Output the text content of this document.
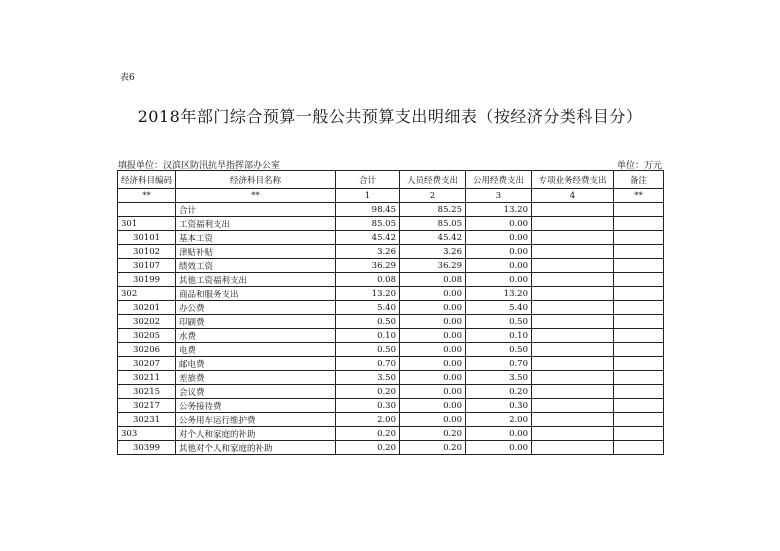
表6
2018年部门综合预算一般公共预算支出明细表（按经济分类科目分）
填报单位：汉滨区防汛抗旱指挥部办公室	单位：万元
经济科目编码	经济科目名称	合计	人员经费支出	公用经费支出	专项业务经费支出	备注
**	**	1	2	3	4	**
	合计	98.45	85.25	13.20		
301	工资福利支出	85.05	85.05	0.00		
30101	基本工资	45.42	45.42	0.00		
30102	津贴补贴	3.26	3.26	0.00		
30107	绩效工资	36.29	36.29	0.00		
30199	其他工资福利支出	0.08	0.08	0.00		
302	商品和服务支出	13.20	0.00	13.20		
30201	办公费	5.40	0.00	5.40		
30202	印刷费	0.50	0.00	0.50		
30205	水费	0.10	0.00	0.10		
30206	电费	0.50	0.00	0.50		
30207	邮电费	0.70	0.00	0.70		
30211	差旅费	3.50	0.00	3.50		
30215	会议费	0.20	0.00	0.20		
30217	公务接待费	0.30	0.00	0.30		
30231	公务用车运行维护费	2.00	0.00	2.00		
303	对个人和家庭的补助	0.20	0.20	0.00		
30399	其他对个人和家庭的补助	0.20	0.20	0.00		
